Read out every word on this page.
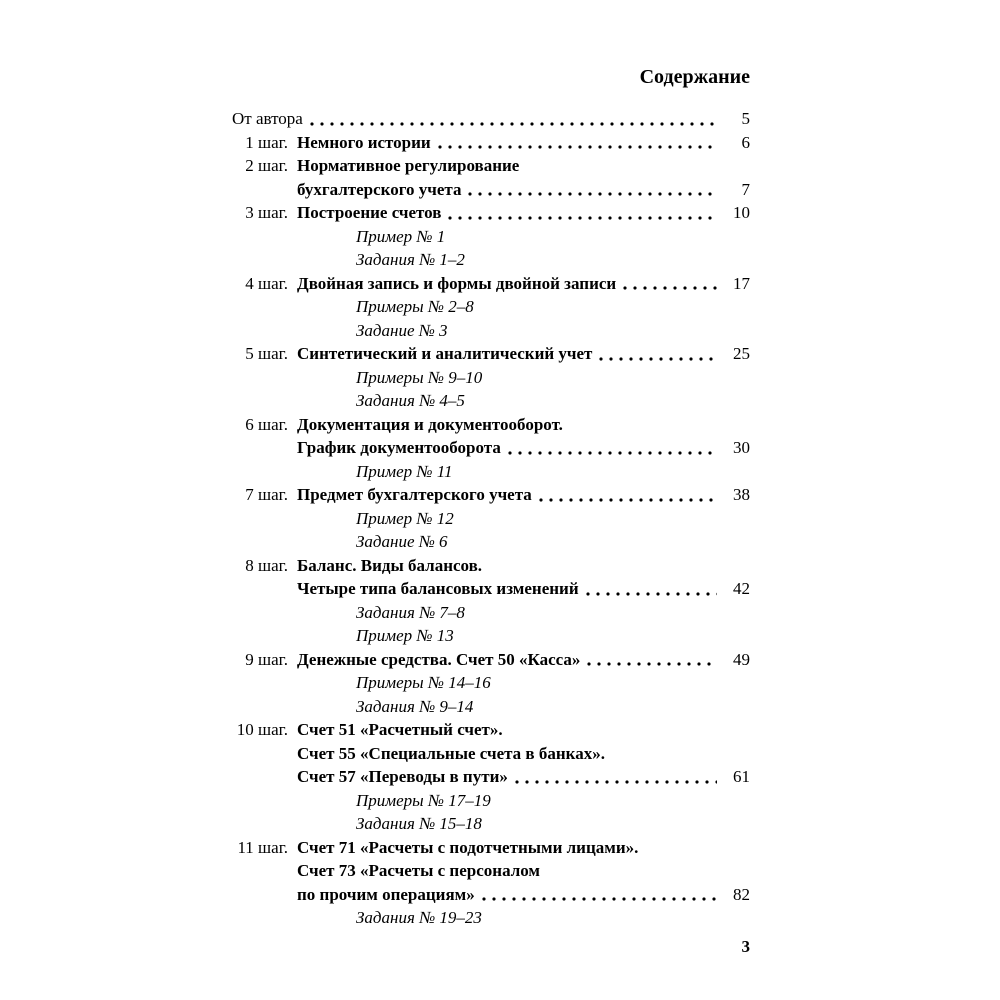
Содержание
От автора	5
1 шаг. Немного истории	6
2 шаг. Нормативное регулирование
бухгалтерского учета	7
3 шаг. Построение счетов	10
Пример № 1
Задания № 1–2
4 шаг. Двойная запись и формы двойной записи	17
Примеры № 2–8
Задание № 3
5 шаг. Синтетический и аналитический учет	25
Примеры № 9–10
Задания № 4–5
6 шаг. Документация и документооборот.
График документооборота	30
Пример № 11
7 шаг. Предмет бухгалтерского учета	38
Пример № 12
Задание № 6
8 шаг. Баланс. Виды балансов.
Четыре типа балансовых изменений	42
Задания № 7–8
Пример № 13
9 шаг. Денежные средства. Счет 50 «Касса»	49
Примеры № 14–16
Задания № 9–14
10 шаг. Счет 51 «Расчетный счет».
Счет 55 «Специальные счета в банках».
Счет 57 «Переводы в пути»	61
Примеры № 17–19
Задания № 15–18
11 шаг. Счет 71 «Расчеты с подотчетными лицами».
Счет 73 «Расчеты с персоналом
по прочим операциям»	82
Задания № 19–23
3
